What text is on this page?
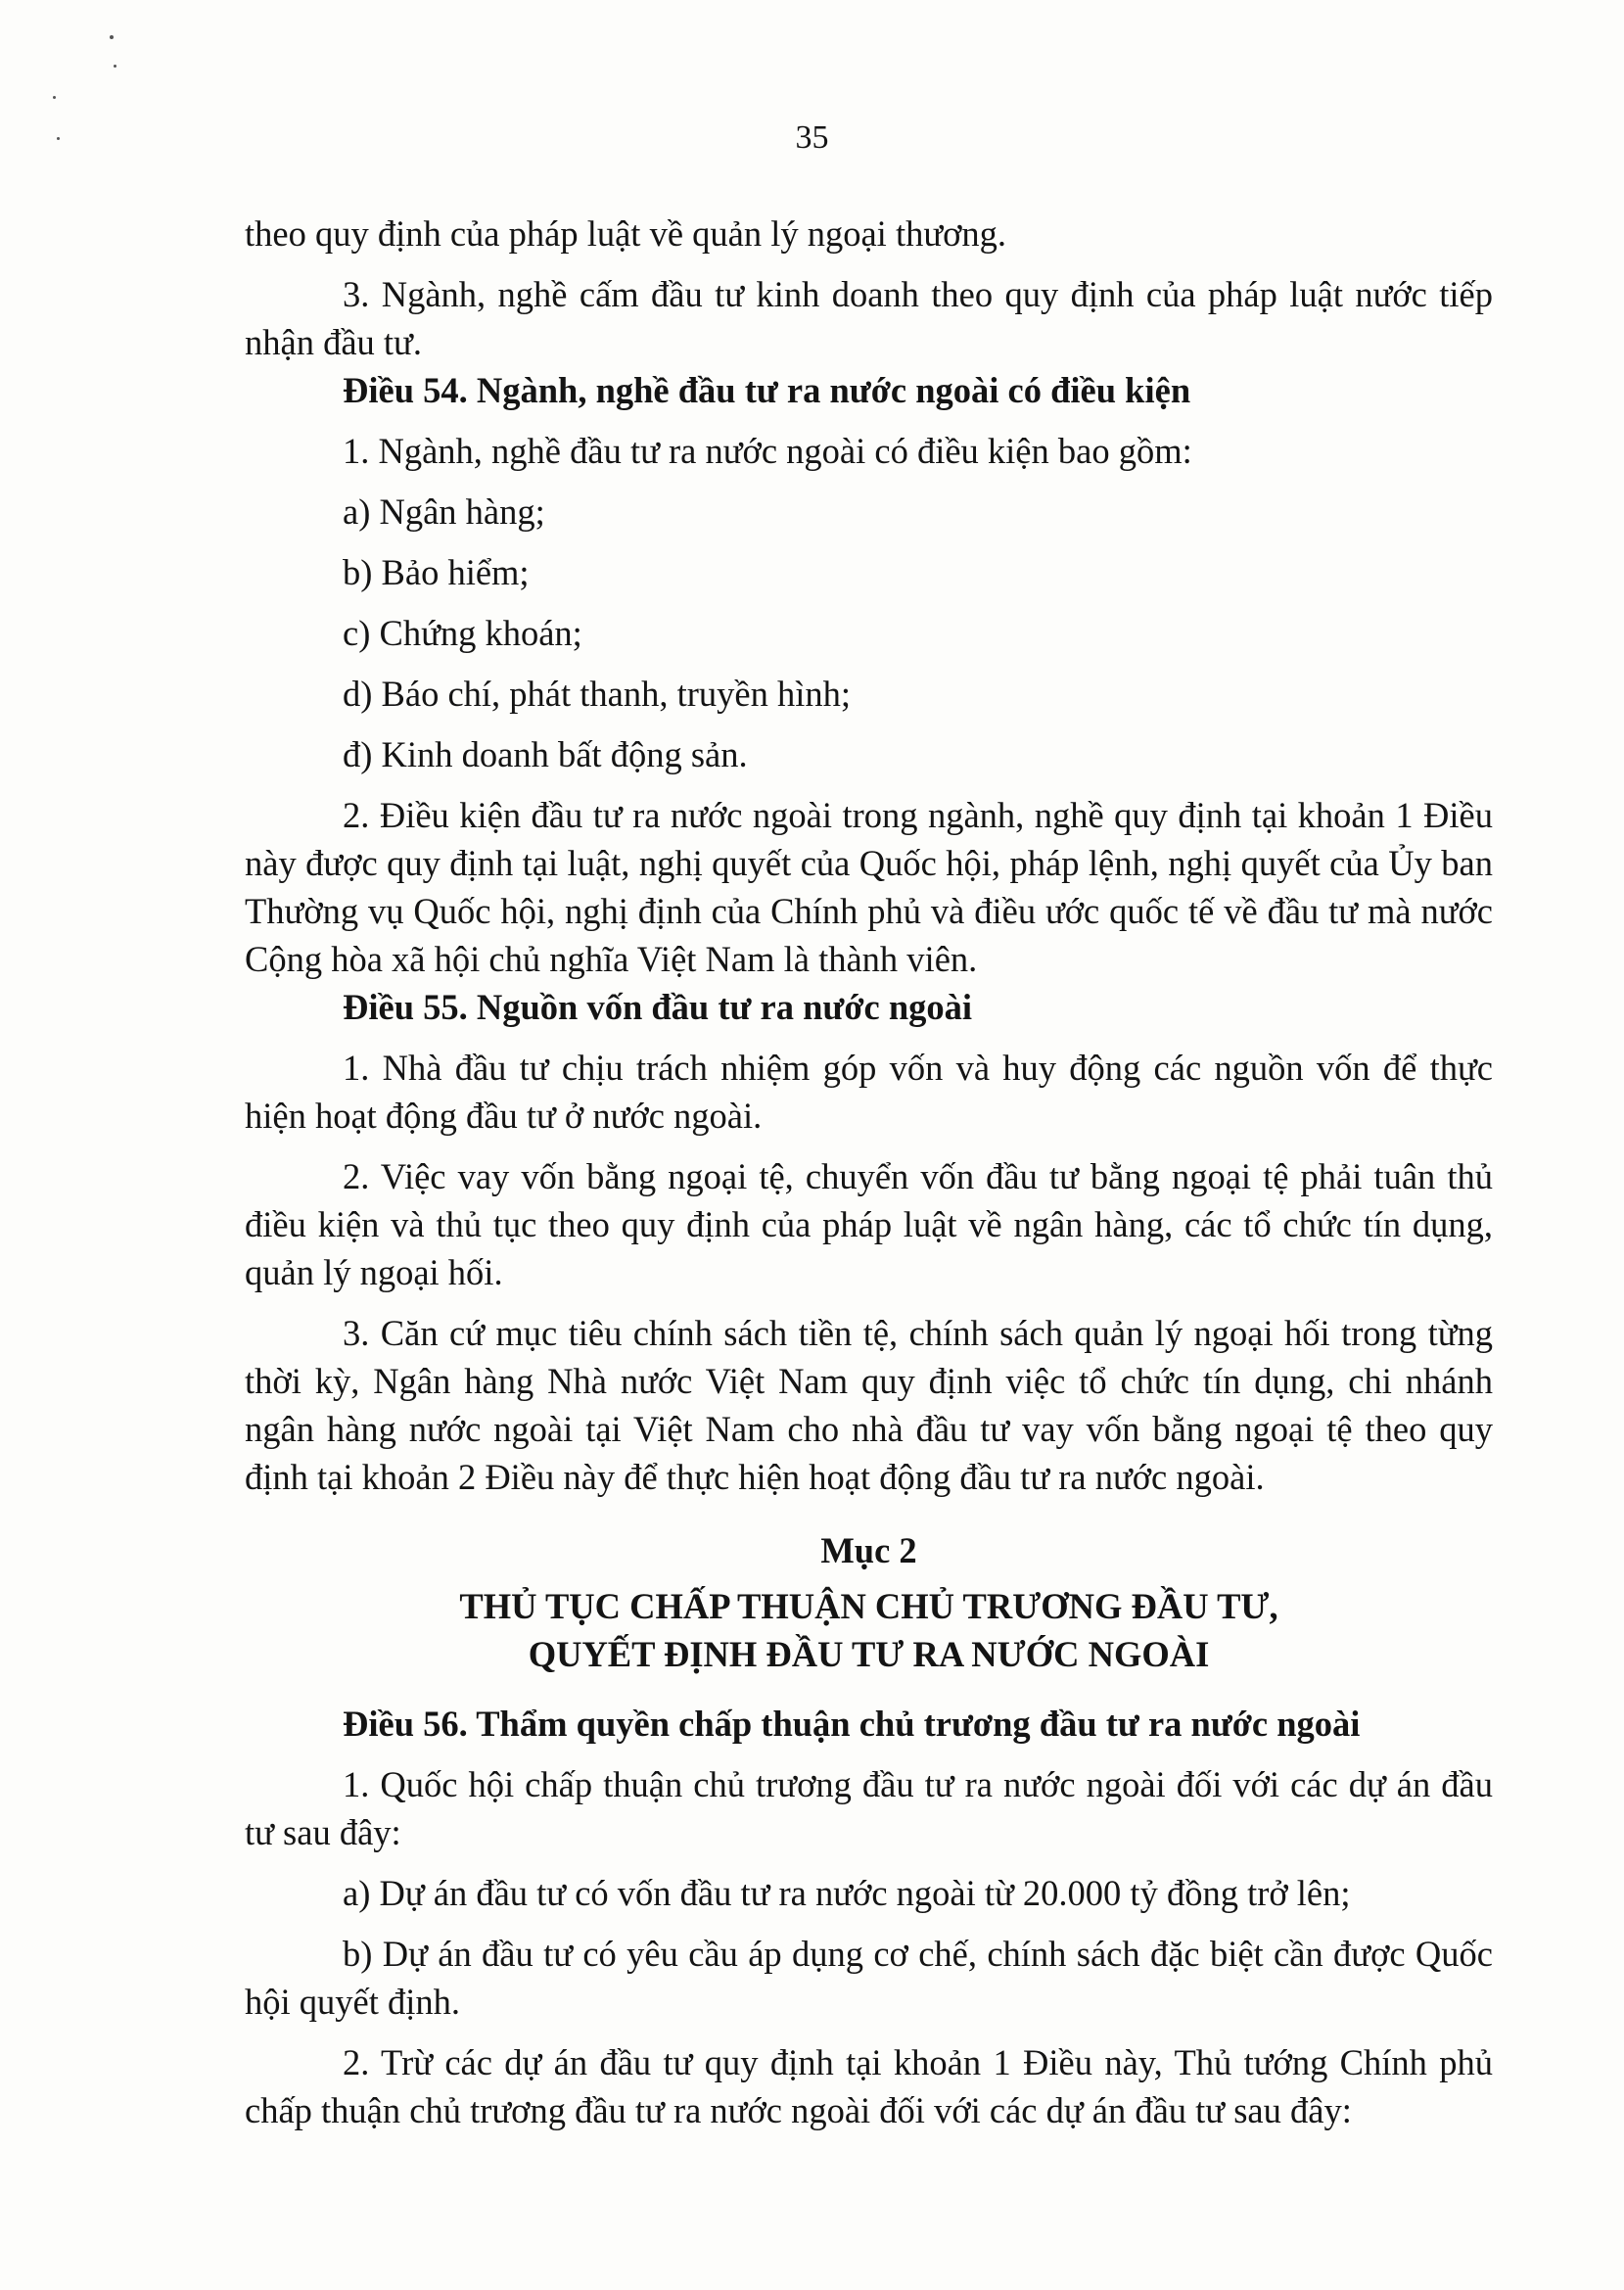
35

theo quy định của pháp luật về quản lý ngoại thương.

3. Ngành, nghề cấm đầu tư kinh doanh theo quy định của pháp luật nước tiếp nhận đầu tư.

Điều 54. Ngành, nghề đầu tư ra nước ngoài có điều kiện

1. Ngành, nghề đầu tư ra nước ngoài có điều kiện bao gồm:

a) Ngân hàng;

b) Bảo hiểm;

c) Chứng khoán;

d) Báo chí, phát thanh, truyền hình;

đ) Kinh doanh bất động sản.

2. Điều kiện đầu tư ra nước ngoài trong ngành, nghề quy định tại khoản 1 Điều này được quy định tại luật, nghị quyết của Quốc hội, pháp lệnh, nghị quyết của Ủy ban Thường vụ Quốc hội, nghị định của Chính phủ và điều ước quốc tế về đầu tư mà nước Cộng hòa xã hội chủ nghĩa Việt Nam là thành viên.

Điều 55. Nguồn vốn đầu tư ra nước ngoài

1. Nhà đầu tư chịu trách nhiệm góp vốn và huy động các nguồn vốn để thực hiện hoạt động đầu tư ở nước ngoài.

2. Việc vay vốn bằng ngoại tệ, chuyển vốn đầu tư bằng ngoại tệ phải tuân thủ điều kiện và thủ tục theo quy định của pháp luật về ngân hàng, các tổ chức tín dụng, quản lý ngoại hối.

3. Căn cứ mục tiêu chính sách tiền tệ, chính sách quản lý ngoại hối trong từng thời kỳ, Ngân hàng Nhà nước Việt Nam quy định việc tổ chức tín dụng, chi nhánh ngân hàng nước ngoài tại Việt Nam cho nhà đầu tư vay vốn bằng ngoại tệ theo quy định tại khoản 2 Điều này để thực hiện hoạt động đầu tư ra nước ngoài.

Mục 2

THỦ TỤC CHẤP THUẬN CHỦ TRƯƠNG ĐẦU TƯ,

QUYẾT ĐỊNH ĐẦU TƯ RA NƯỚC NGOÀI

Điều 56. Thẩm quyền chấp thuận chủ trương đầu tư ra nước ngoài

1. Quốc hội chấp thuận chủ trương đầu tư ra nước ngoài đối với các dự án đầu tư sau đây:

a) Dự án đầu tư có vốn đầu tư ra nước ngoài từ 20.000 tỷ đồng trở lên;

b) Dự án đầu tư có yêu cầu áp dụng cơ chế, chính sách đặc biệt cần được Quốc hội quyết định.

2. Trừ các dự án đầu tư quy định tại khoản 1 Điều này, Thủ tướng Chính phủ chấp thuận chủ trương đầu tư ra nước ngoài đối với các dự án đầu tư sau đây:
